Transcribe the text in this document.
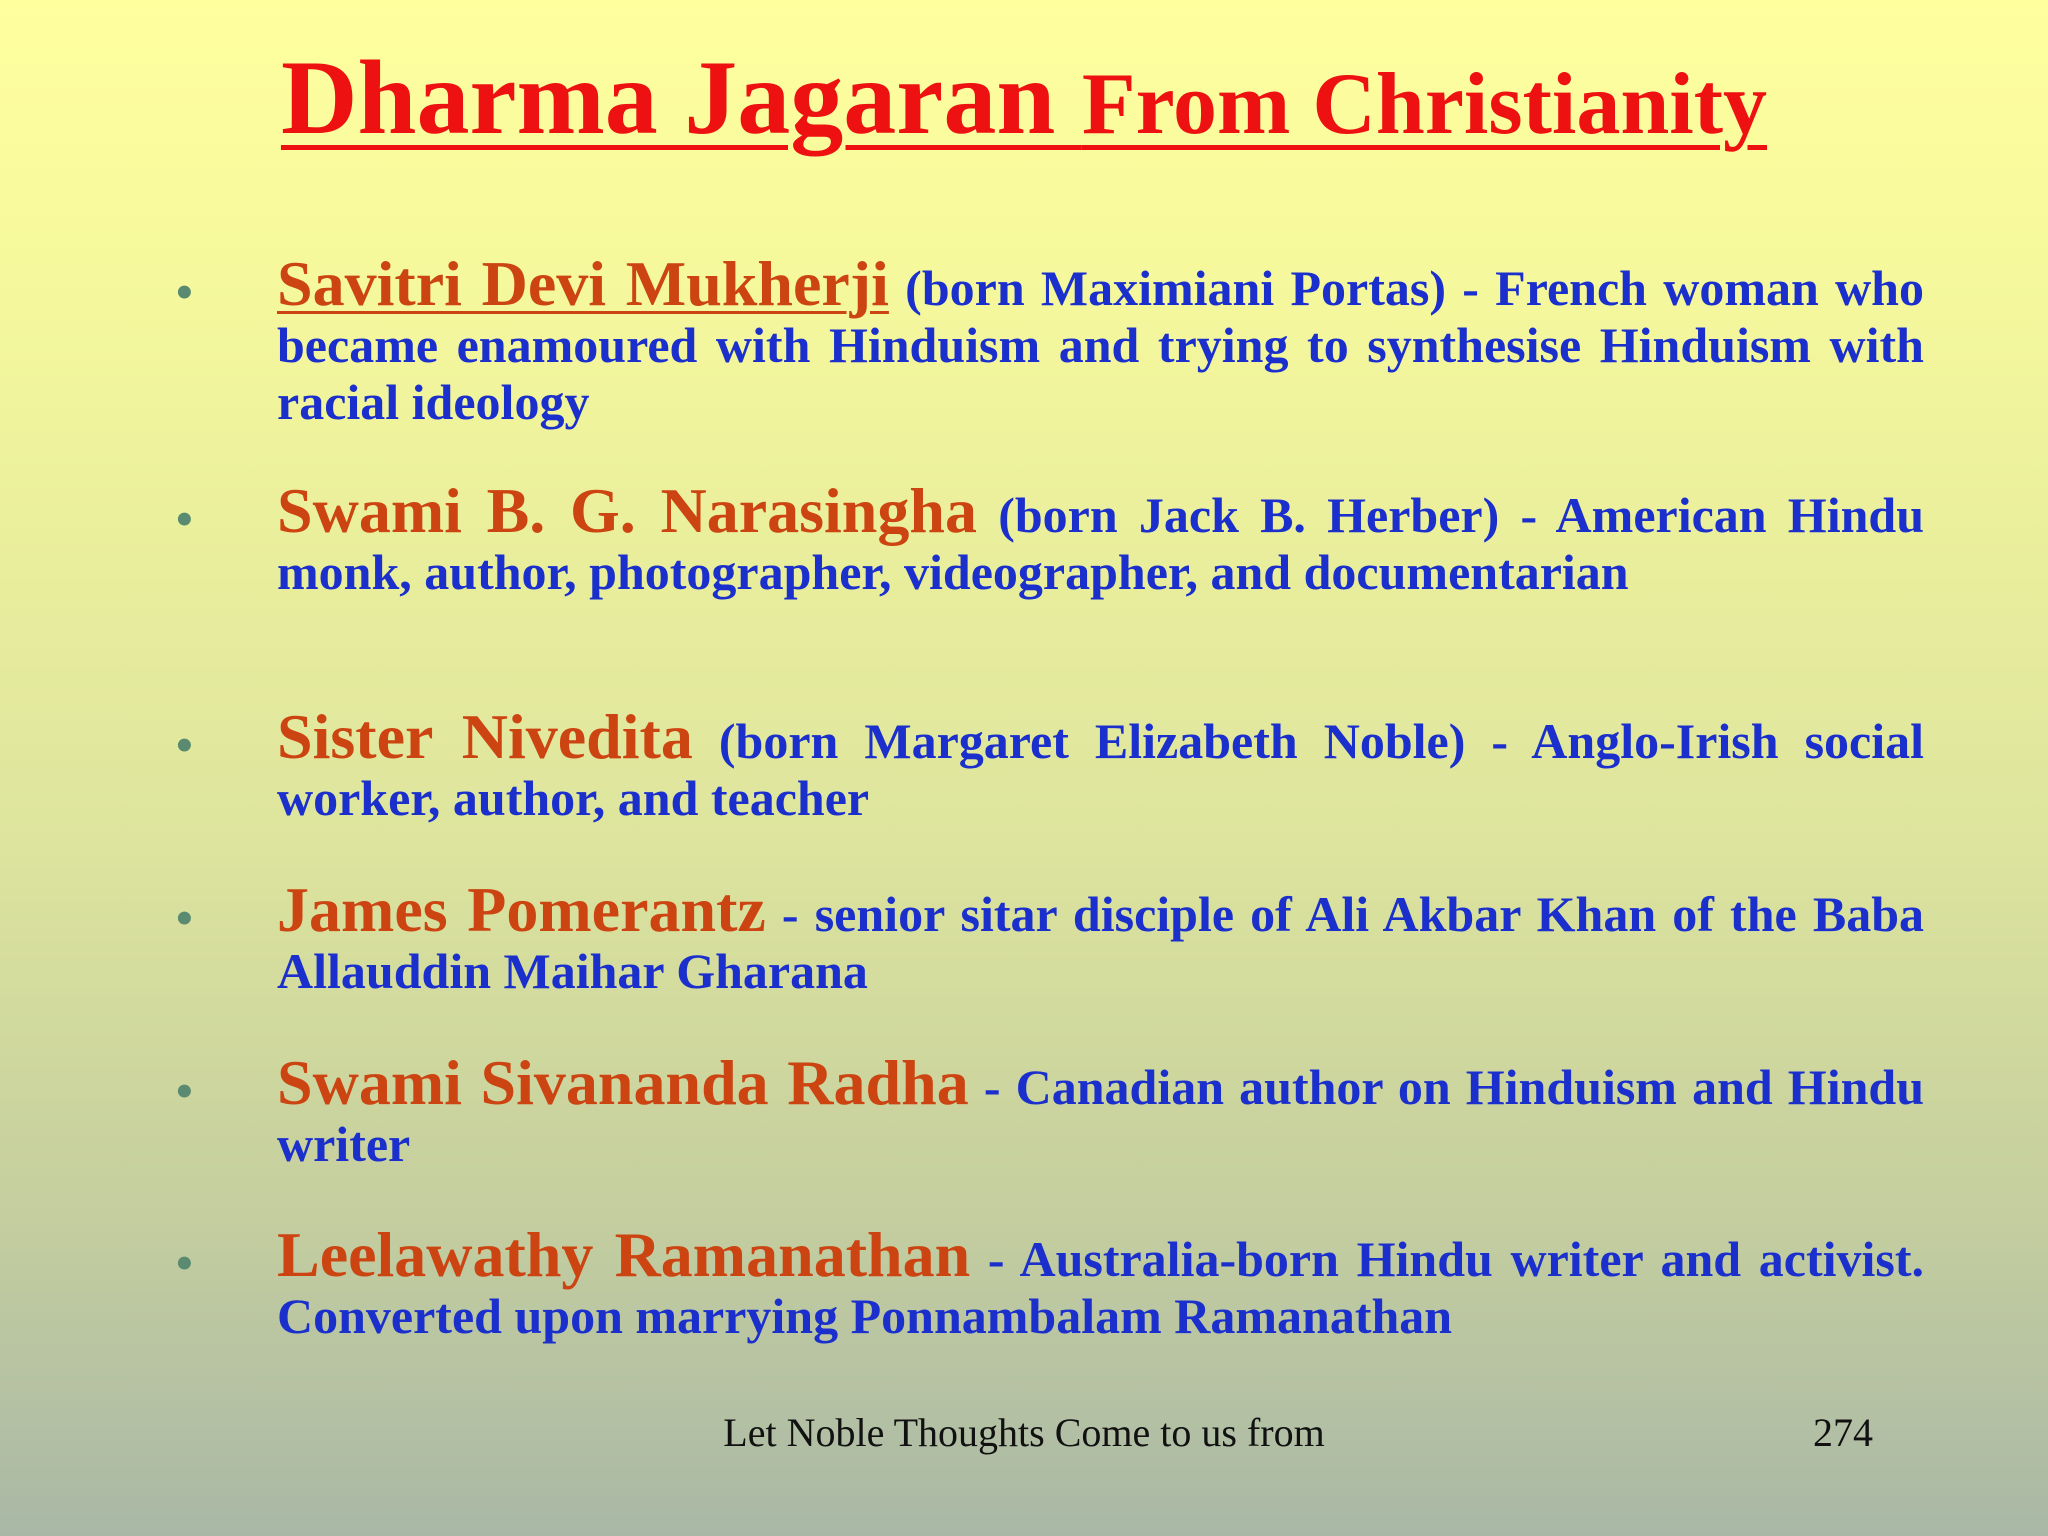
Dharma Jagaran From Christianity
• Savitri Devi Mukherji (born Maximiani Portas) - French woman who became enamoured with Hinduism and trying to synthesise Hinduism with racial ideology
• Swami B. G. Narasingha (born Jack B. Herber) - American Hindu monk, author, photographer, videographer, and documentarian
• Sister Nivedita (born Margaret Elizabeth Noble) - Anglo-Irish social worker, author, and teacher
• James Pomerantz - senior sitar disciple of Ali Akbar Khan of the Baba Allauddin Maihar Gharana
• Swami Sivananda Radha - Canadian author on Hinduism and Hindu writer
• Leelawathy Ramanathan - Australia-born Hindu writer and activist. Converted upon marrying Ponnambalam Ramanathan
Let Noble Thoughts Come to us from	274
